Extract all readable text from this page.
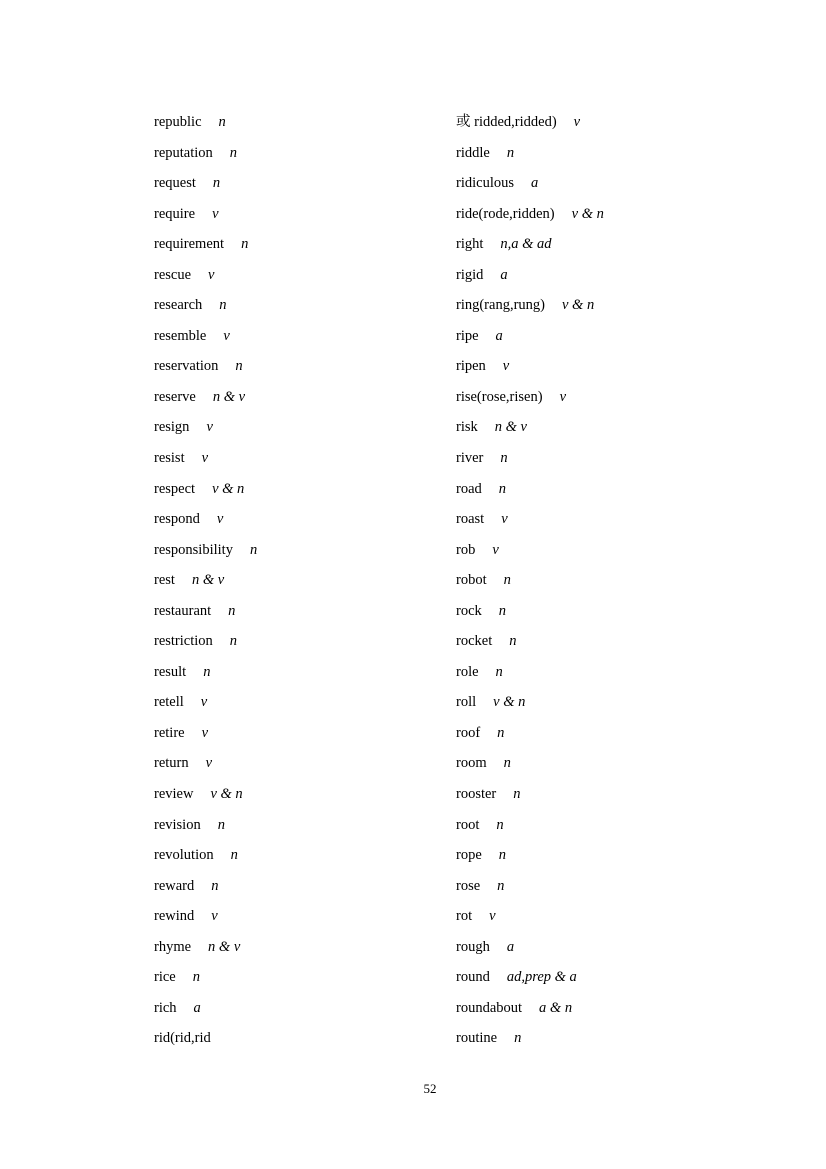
republic n
reputation n
request n
require v
requirement n
rescue v
research n
resemble v
reservation n
reserve n & v
resign v
resist v
respect v & n
respond v
responsibility n
rest n & v
restaurant n
restriction n
result n
retell v
retire v
return v
review v & n
revision n
revolution n
reward n
rewind v
rhyme n & v
rice n
rich a
rid(rid,rid
或 ridded,ridded) v
riddle n
ridiculous a
ride(rode,ridden) v & n
right n,a & ad
rigid a
ring(rang,rung) v & n
ripe a
ripen v
rise(rose,risen) v
risk n & v
river n
road n
roast v
rob v
robot n
rock n
rocket n
role n
roll v & n
roof n
room n
rooster n
root n
rope n
rose n
rot v
rough a
round ad,prep & a
roundabout a & n
routine n
52
